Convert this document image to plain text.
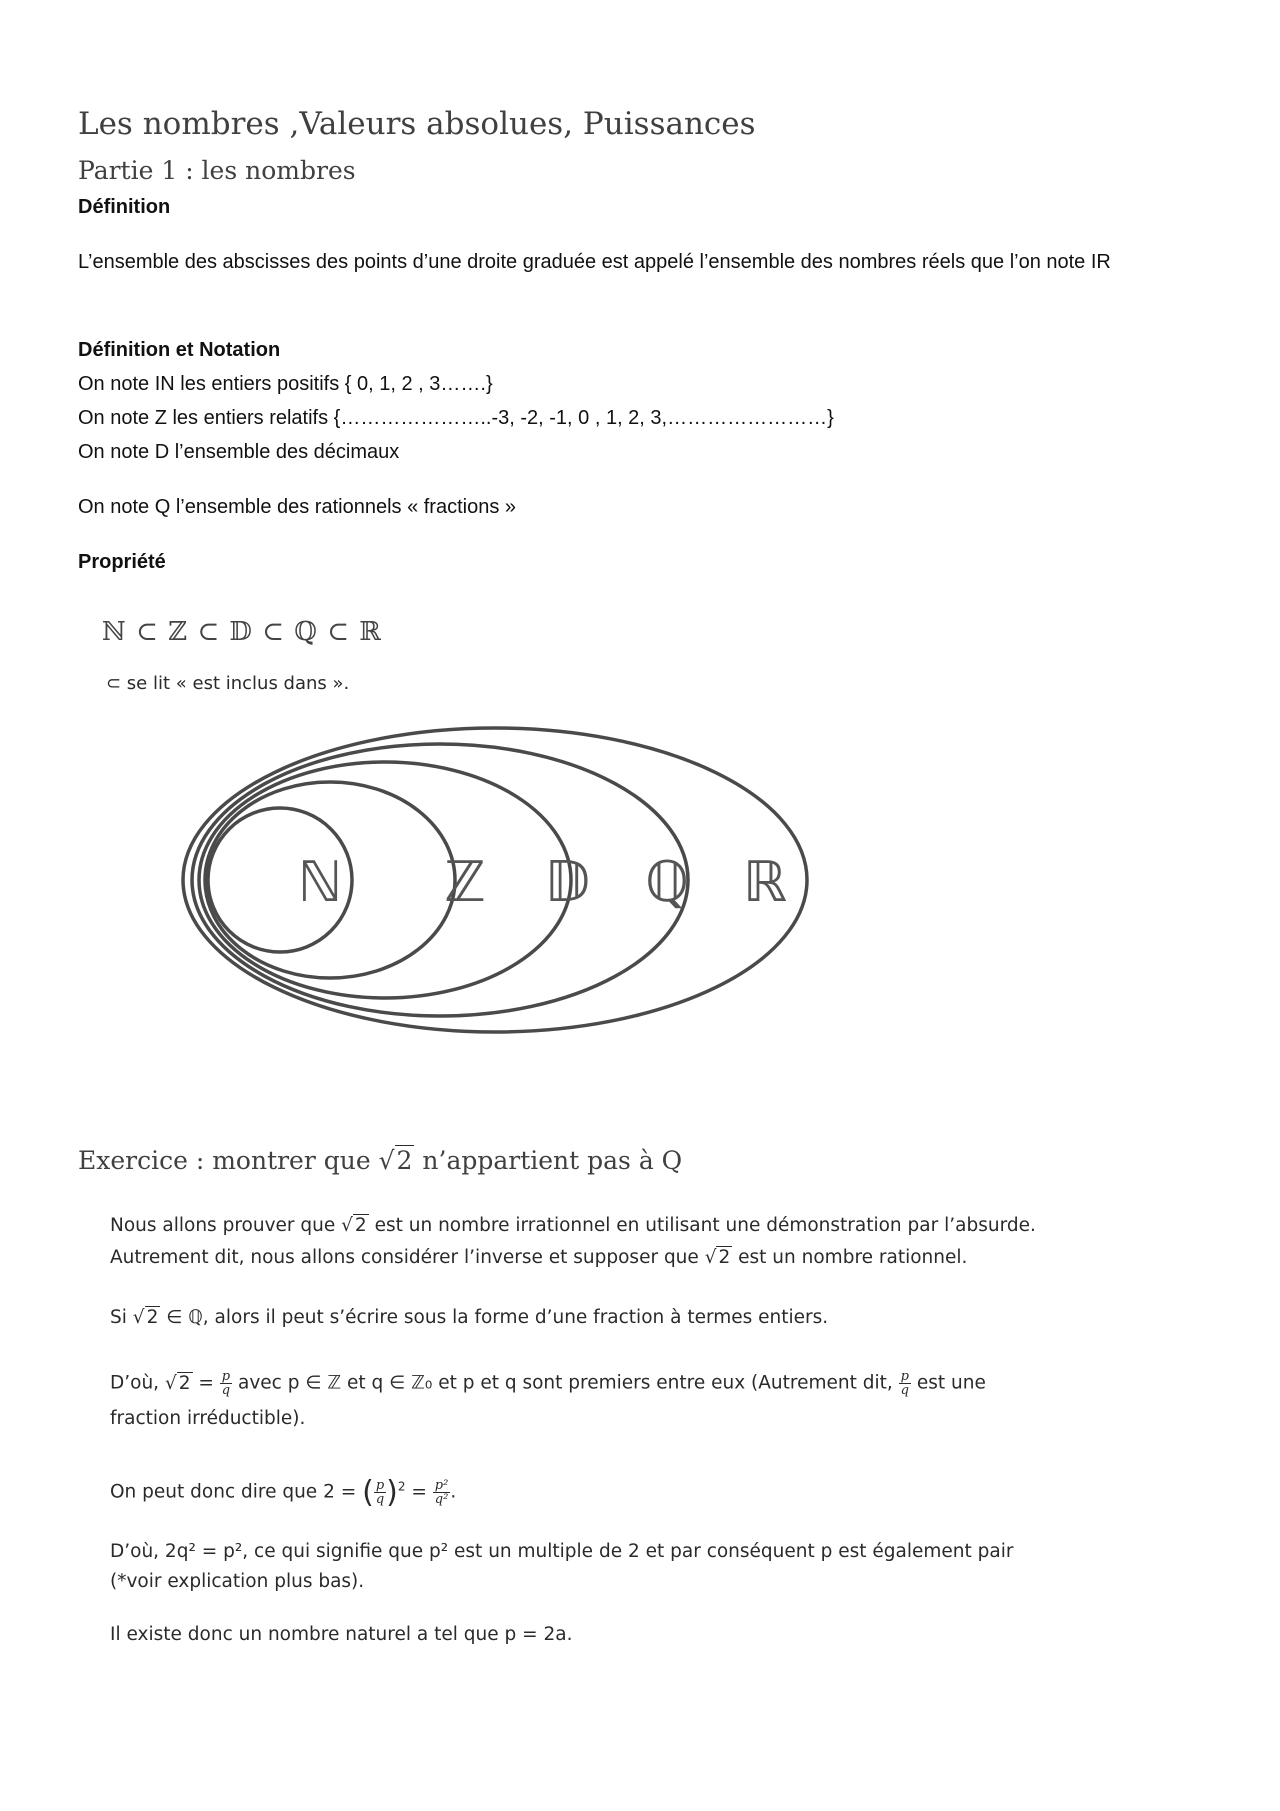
Les nombres ,Valeurs absolues, Puissances
Partie 1 : les nombres
Définition
L’ensemble des abscisses des points d’une droite graduée est appelé l’ensemble des nombres réels que l’on note IR
Définition et Notation
On note IN les entiers positifs { 0, 1, 2 , 3…….}
On note Z les entiers relatifs {…………………..-3, -2, -1, 0 , 1, 2, 3,……………………}
On note D l’ensemble des décimaux
On note Q l’ensemble des rationnels « fractions »
Propriété
ℕ ⊂ ℤ ⊂ 𝔻 ⊂ ℚ ⊂ ℝ
⊂ se lit « est inclus dans ».
ℕ ℤ 𝔻 ℚ ℝ
Exercice : montrer que √2 n’appartient pas à Q
Nous allons prouver que √ 2 est un nombre irrationnel en utilisant une démonstration par l’absurde.
Autrement dit, nous allons considérer l’inverse et supposer que √ 2 est un nombre rationnel.
Si √ 2 ∈ ℚ, alors il peut s’écrire sous la forme d’une fraction à termes entiers.
D’où, √ $2 = \frac{p}{q}$ avec p ∈ ℤ et q ∈ ℤ₀ et p et q sont premiers entre eux (Autrement dit, $\frac{p}{q}$ est une
fraction irréductible).
On peut donc dire que 2 = ( $\frac{p}{q} )^2 = \frac{\text{p²}}{\text{q²}}$ .
D’où, 2q² = p², ce qui signifie que p² est un multiple de 2 et par conséquent p est également pair
(*voir explication plus bas).
Il existe donc un nombre naturel a tel que p = 2a.
